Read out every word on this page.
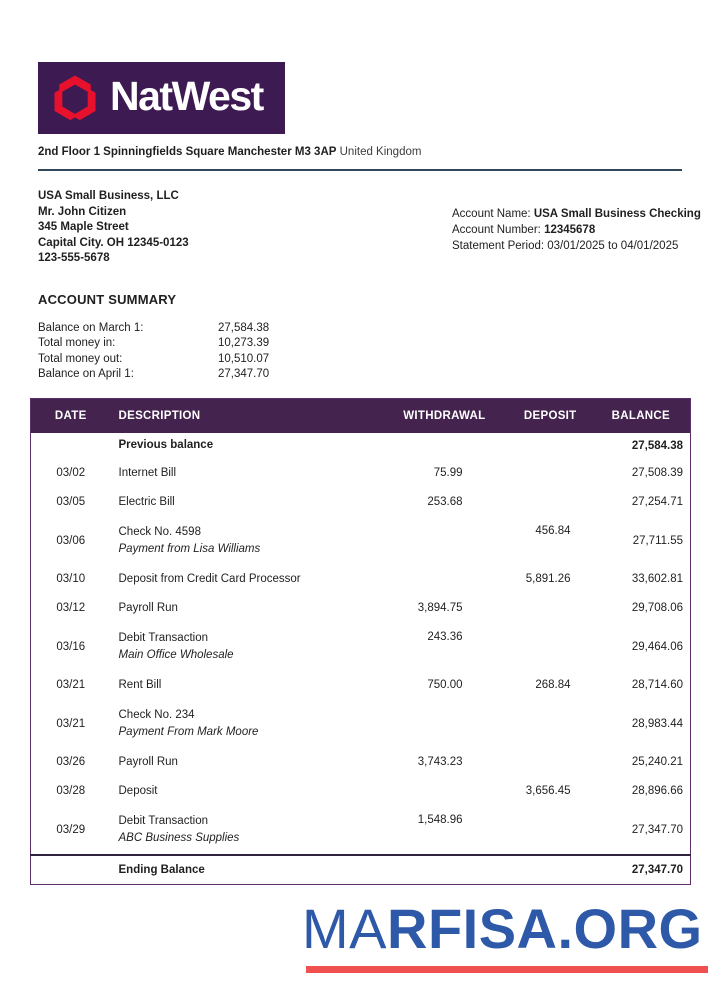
NatWest
2nd Floor 1 Spinningfields Square Manchester M3 3AP United Kingdom
USA Small Business, LLC
Mr. John Citizen
345 Maple Street
Capital City. OH 12345-0123
123-555-5678
Account Name: USA Small Business Checking
Account Number: 12345678
Statement Period: 03/01/2025 to 04/01/2025
ACCOUNT SUMMARY
Balance on March 1:	27,584.38
Total money in:	10,273.39
Total money out:	10,510.07
Balance on April 1:	27,347.70
DATE	DESCRIPTION	WITHDRAWAL	DEPOSIT	BALANCE

	Previous balance			27,584.38
03/02	Internet Bill	75.99		27,508.39
03/05	Electric Bill	253.68		27,254.71
03/06	Check No. 4598
Payment from Lisa Williams		456.84	27,711.55
03/10	Deposit from Credit Card Processor		5,891.26	33,602.81
03/12	Payroll Run	3,894.75		29,708.06
03/16	Debit Transaction
Main Office Wholesale	243.36		29,464.06
03/21	Rent Bill	750.00	268.84	28,714.60
03/21	Check No. 234
Payment From Mark Moore			28,983.44
03/26	Payroll Run	3,743.23		25,240.21
03/28	Deposit		3,656.45	28,896.66
03/29	Debit Transaction
ABC Business Supplies	1,548.96		27,347.70
	Ending Balance			27,347.70
MARFISA.ORG
